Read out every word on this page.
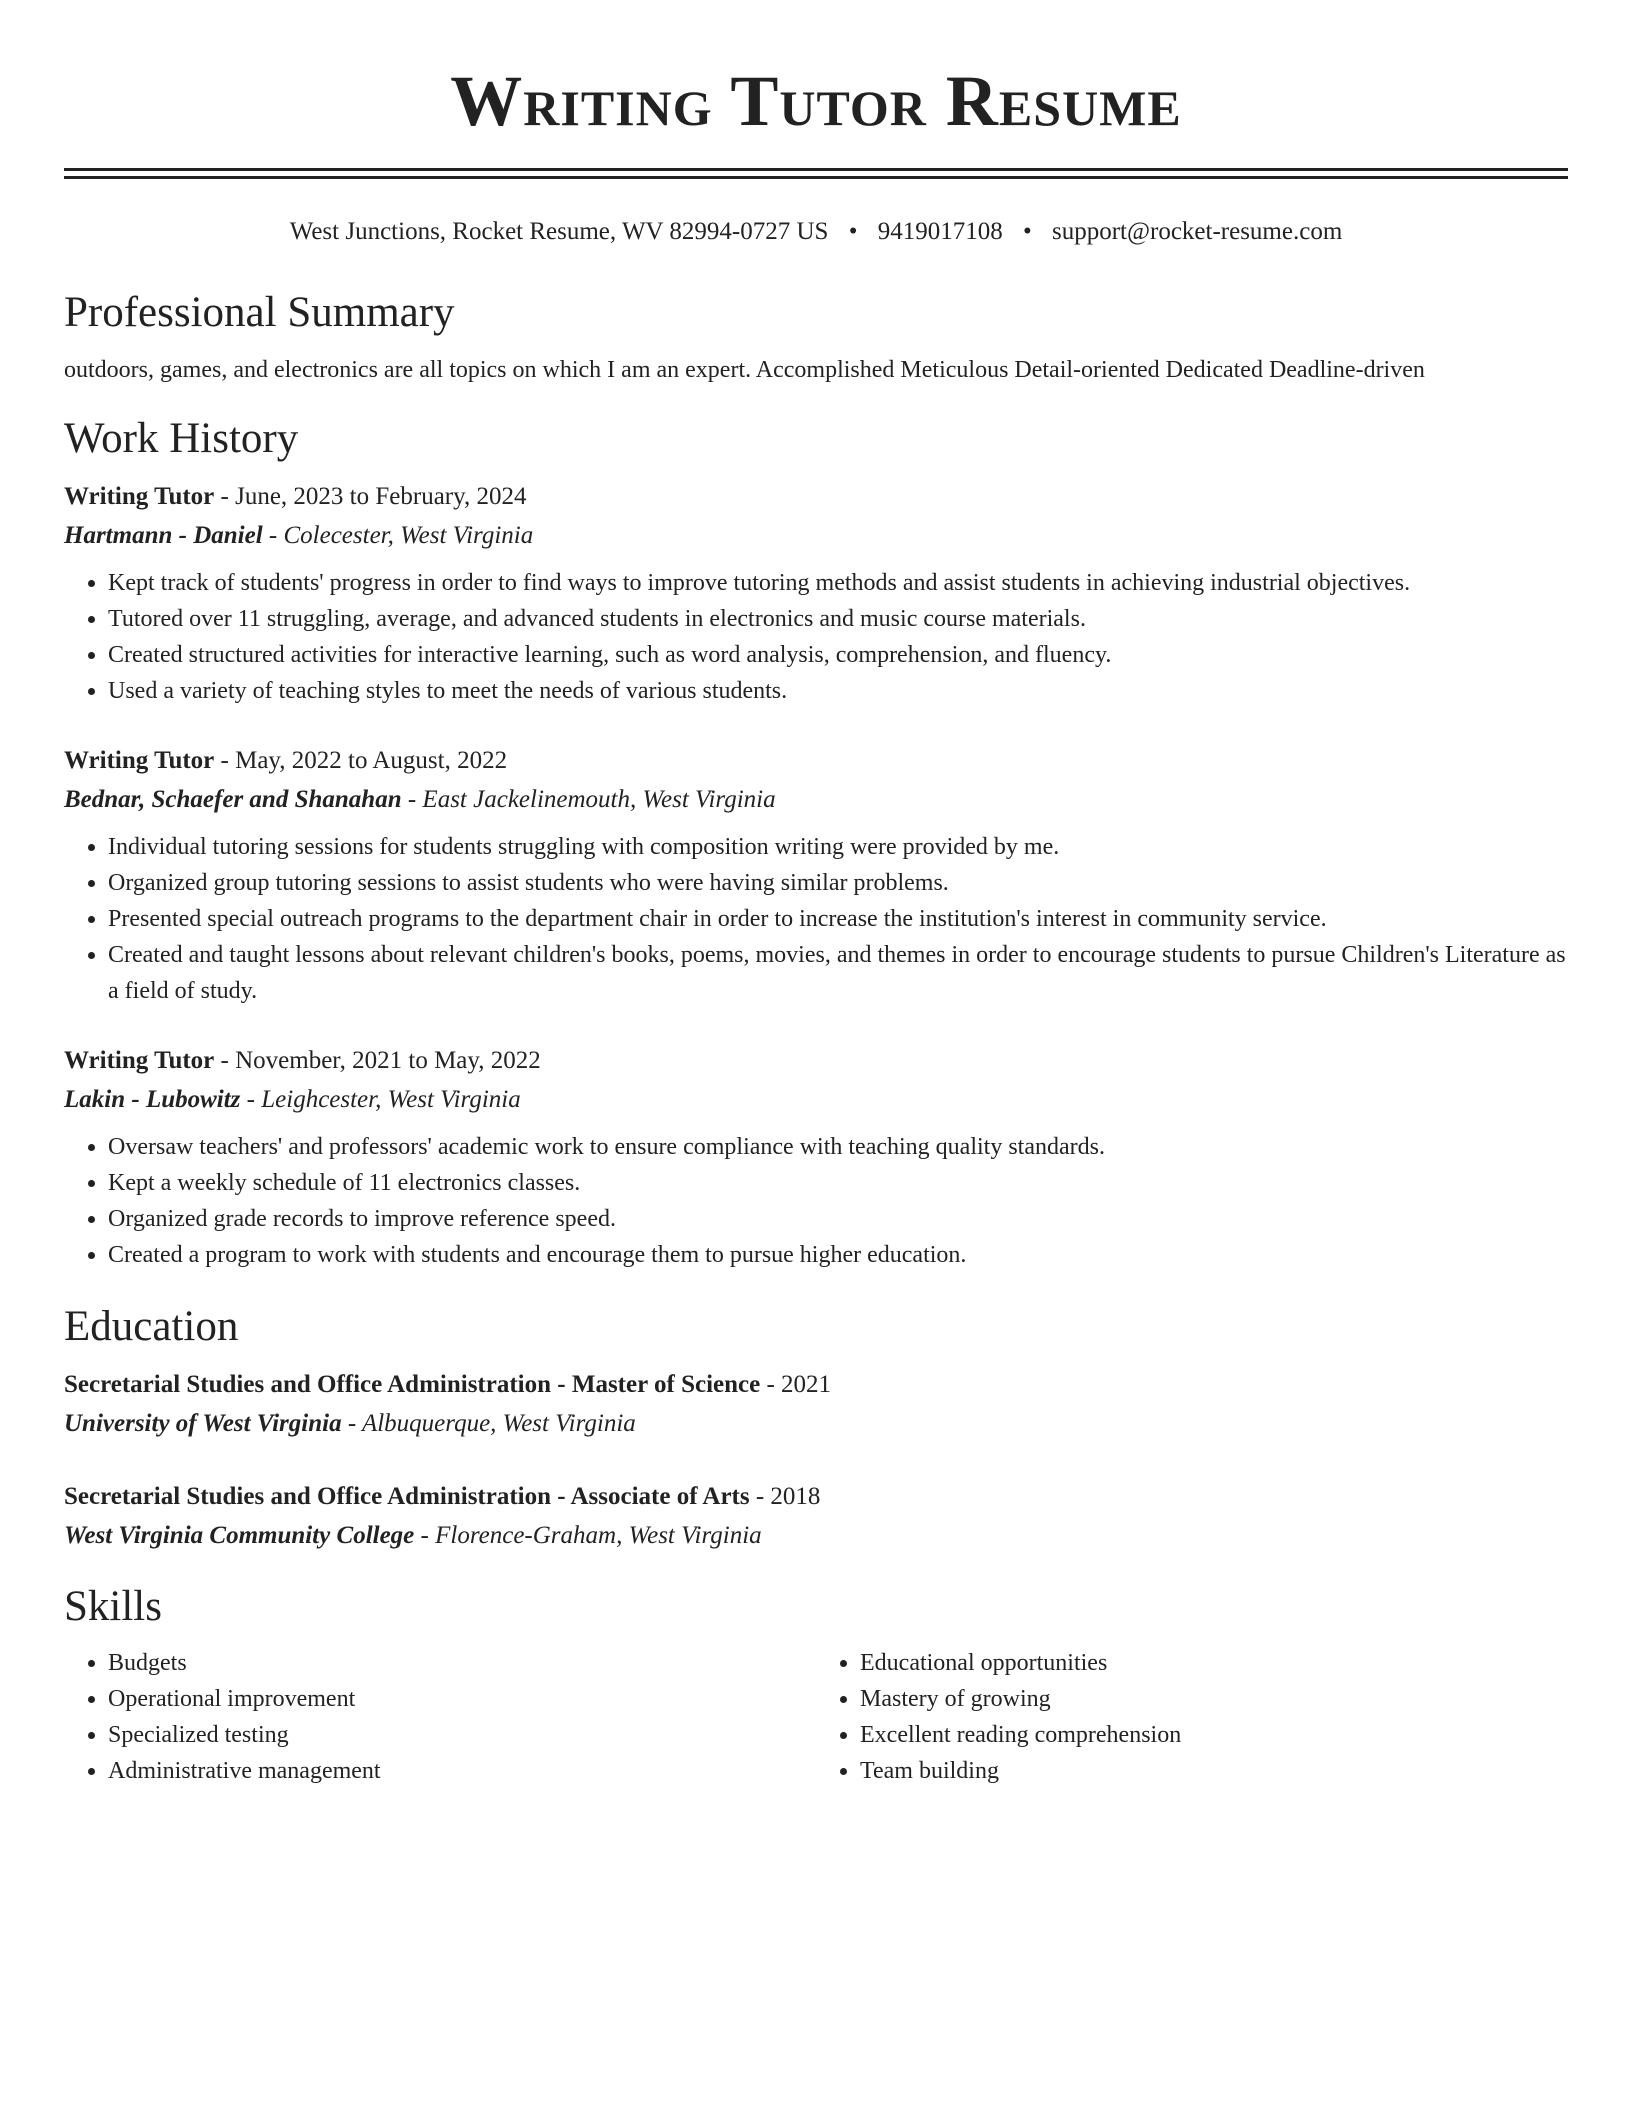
Writing Tutor Resume
West Junctions, Rocket Resume, WV 82994-0727 US • 9419017108 • support@rocket-resume.com
Professional Summary
outdoors, games, and electronics are all topics on which I am an expert. Accomplished Meticulous Detail-oriented Dedicated Deadline-driven
Work History
Writing Tutor - June, 2023 to February, 2024
Hartmann - Daniel - Colecester, West Virginia
• Kept track of students' progress in order to find ways to improve tutoring methods and assist students in achieving industrial objectives.
• Tutored over 11 struggling, average, and advanced students in electronics and music course materials.
• Created structured activities for interactive learning, such as word analysis, comprehension, and fluency.
• Used a variety of teaching styles to meet the needs of various students.
Writing Tutor - May, 2022 to August, 2022
Bednar, Schaefer and Shanahan - East Jackelinemouth, West Virginia
• Individual tutoring sessions for students struggling with composition writing were provided by me.
• Organized group tutoring sessions to assist students who were having similar problems.
• Presented special outreach programs to the department chair in order to increase the institution's interest in community service.
• Created and taught lessons about relevant children's books, poems, movies, and themes in order to encourage students to pursue Children's Literature as a field of study.
Writing Tutor - November, 2021 to May, 2022
Lakin - Lubowitz - Leighcester, West Virginia
• Oversaw teachers' and professors' academic work to ensure compliance with teaching quality standards.
• Kept a weekly schedule of 11 electronics classes.
• Organized grade records to improve reference speed.
• Created a program to work with students and encourage them to pursue higher education.
Education
Secretarial Studies and Office Administration - Master of Science - 2021
University of West Virginia - Albuquerque, West Virginia
Secretarial Studies and Office Administration - Associate of Arts - 2018
West Virginia Community College - Florence-Graham, West Virginia
Skills
• Budgets
• Operational improvement
• Specialized testing
• Administrative management
• Educational opportunities
• Mastery of growing
• Excellent reading comprehension
• Team building
